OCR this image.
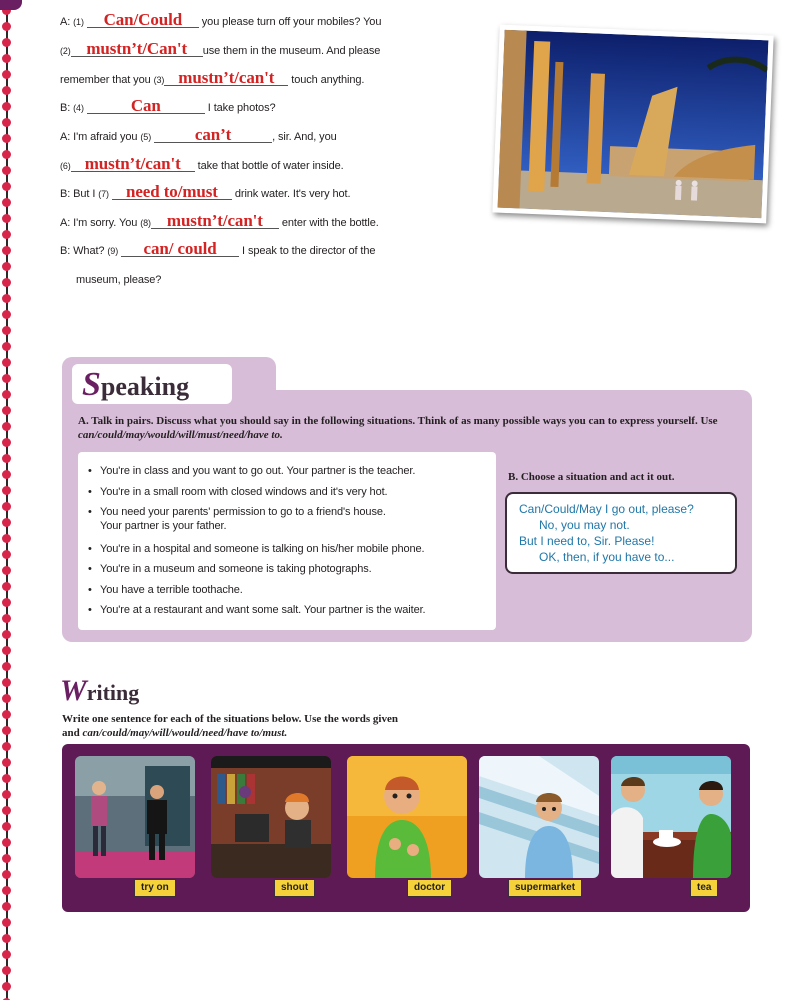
A: (1) Can/Could you please turn off your mobiles? You
(2) mustn’t/Can't use them in the museum. And please
remember that you (3) mustn’t/can't touch anything.
B: (4)	Can	I take photos?
A: I'm afraid you (5)	can’t	, sir. And, you
(6) mustn’t/can't take that bottle of water inside.
B: But I (7) need to/must drink water. It's very hot.
A: I'm sorry. You (8) mustn’t/can't enter with the bottle.
B: What? (9) can/ could I speak to the director of the
museum, please?
Speaking
A. Talk in pairs. Discuss what you should say in the following situations. Think of as many possible ways you can to express yourself. Use can/could/may/would/will/must/need/have to.
• You're in class and you want to go out. Your partner is the teacher.
• You're in a small room with closed windows and it's very hot.
• You need your parents' permission to go to a friend's house.
Your partner is your father.
• You're in a hospital and someone is talking on his/her mobile phone.
• You're in a museum and someone is taking photographs.
• You have a terrible toothache.
• You're at a restaurant and want some salt. Your partner is the waiter.
B. Choose a situation and act it out.
Can/Could/May I go out, please?
No, you may not.
But I need to, Sir. Please!
OK, then, if you have to...
Writing
Write one sentence for each of the situations below. Use the words given
and can/could/may/will/would/need/have to/must.
try on	shout	doctor	supermarket	tea
